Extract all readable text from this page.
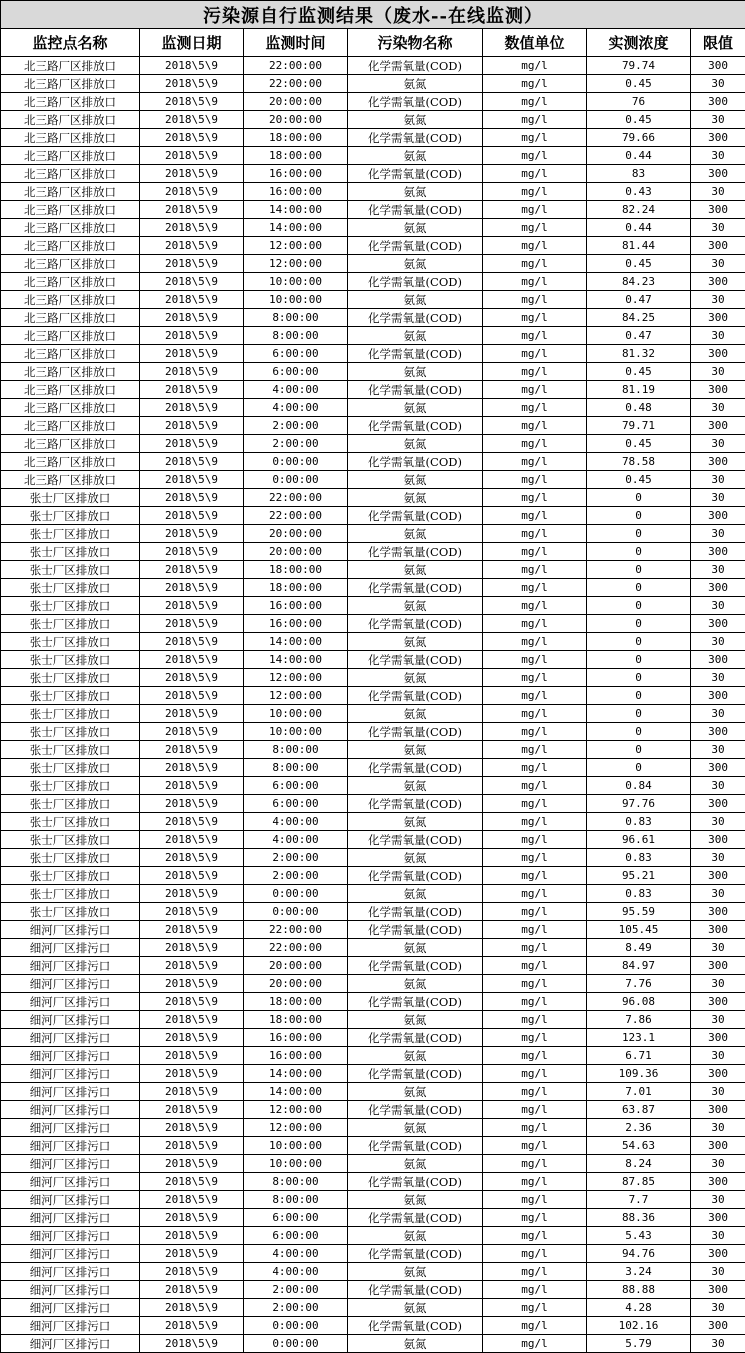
污染源自行监测结果（废水--在线监测）						
监控点名称	监测日期	监测时间	污染物名称	数值单位	实测浓度	限值
北三路厂区排放口	2018\5\9	22:00:00	化学需氧量(COD)	mg/l	79.74	300
北三路厂区排放口	2018\5\9	22:00:00	氨氮	mg/l	0.45	30
北三路厂区排放口	2018\5\9	20:00:00	化学需氧量(COD)	mg/l	76	300
北三路厂区排放口	2018\5\9	20:00:00	氨氮	mg/l	0.45	30
北三路厂区排放口	2018\5\9	18:00:00	化学需氧量(COD)	mg/l	79.66	300
北三路厂区排放口	2018\5\9	18:00:00	氨氮	mg/l	0.44	30
北三路厂区排放口	2018\5\9	16:00:00	化学需氧量(COD)	mg/l	83	300
北三路厂区排放口	2018\5\9	16:00:00	氨氮	mg/l	0.43	30
北三路厂区排放口	2018\5\9	14:00:00	化学需氧量(COD)	mg/l	82.24	300
北三路厂区排放口	2018\5\9	14:00:00	氨氮	mg/l	0.44	30
北三路厂区排放口	2018\5\9	12:00:00	化学需氧量(COD)	mg/l	81.44	300
北三路厂区排放口	2018\5\9	12:00:00	氨氮	mg/l	0.45	30
北三路厂区排放口	2018\5\9	10:00:00	化学需氧量(COD)	mg/l	84.23	300
北三路厂区排放口	2018\5\9	10:00:00	氨氮	mg/l	0.47	30
北三路厂区排放口	2018\5\9	8:00:00	化学需氧量(COD)	mg/l	84.25	300
北三路厂区排放口	2018\5\9	8:00:00	氨氮	mg/l	0.47	30
北三路厂区排放口	2018\5\9	6:00:00	化学需氧量(COD)	mg/l	81.32	300
北三路厂区排放口	2018\5\9	6:00:00	氨氮	mg/l	0.45	30
北三路厂区排放口	2018\5\9	4:00:00	化学需氧量(COD)	mg/l	81.19	300
北三路厂区排放口	2018\5\9	4:00:00	氨氮	mg/l	0.48	30
北三路厂区排放口	2018\5\9	2:00:00	化学需氧量(COD)	mg/l	79.71	300
北三路厂区排放口	2018\5\9	2:00:00	氨氮	mg/l	0.45	30
北三路厂区排放口	2018\5\9	0:00:00	化学需氧量(COD)	mg/l	78.58	300
北三路厂区排放口	2018\5\9	0:00:00	氨氮	mg/l	0.45	30
张士厂区排放口	2018\5\9	22:00:00	氨氮	mg/l	0	30
张士厂区排放口	2018\5\9	22:00:00	化学需氧量(COD)	mg/l	0	300
张士厂区排放口	2018\5\9	20:00:00	氨氮	mg/l	0	30
张士厂区排放口	2018\5\9	20:00:00	化学需氧量(COD)	mg/l	0	300
张士厂区排放口	2018\5\9	18:00:00	氨氮	mg/l	0	30
张士厂区排放口	2018\5\9	18:00:00	化学需氧量(COD)	mg/l	0	300
张士厂区排放口	2018\5\9	16:00:00	氨氮	mg/l	0	30
张士厂区排放口	2018\5\9	16:00:00	化学需氧量(COD)	mg/l	0	300
张士厂区排放口	2018\5\9	14:00:00	氨氮	mg/l	0	30
张士厂区排放口	2018\5\9	14:00:00	化学需氧量(COD)	mg/l	0	300
张士厂区排放口	2018\5\9	12:00:00	氨氮	mg/l	0	30
张士厂区排放口	2018\5\9	12:00:00	化学需氧量(COD)	mg/l	0	300
张士厂区排放口	2018\5\9	10:00:00	氨氮	mg/l	0	30
张士厂区排放口	2018\5\9	10:00:00	化学需氧量(COD)	mg/l	0	300
张士厂区排放口	2018\5\9	8:00:00	氨氮	mg/l	0	30
张士厂区排放口	2018\5\9	8:00:00	化学需氧量(COD)	mg/l	0	300
张士厂区排放口	2018\5\9	6:00:00	氨氮	mg/l	0.84	30
张士厂区排放口	2018\5\9	6:00:00	化学需氧量(COD)	mg/l	97.76	300
张士厂区排放口	2018\5\9	4:00:00	氨氮	mg/l	0.83	30
张士厂区排放口	2018\5\9	4:00:00	化学需氧量(COD)	mg/l	96.61	300
张士厂区排放口	2018\5\9	2:00:00	氨氮	mg/l	0.83	30
张士厂区排放口	2018\5\9	2:00:00	化学需氧量(COD)	mg/l	95.21	300
张士厂区排放口	2018\5\9	0:00:00	氨氮	mg/l	0.83	30
张士厂区排放口	2018\5\9	0:00:00	化学需氧量(COD)	mg/l	95.59	300
细河厂区排污口	2018\5\9	22:00:00	化学需氧量(COD)	mg/l	105.45	300
细河厂区排污口	2018\5\9	22:00:00	氨氮	mg/l	8.49	30
细河厂区排污口	2018\5\9	20:00:00	化学需氧量(COD)	mg/l	84.97	300
细河厂区排污口	2018\5\9	20:00:00	氨氮	mg/l	7.76	30
细河厂区排污口	2018\5\9	18:00:00	化学需氧量(COD)	mg/l	96.08	300
细河厂区排污口	2018\5\9	18:00:00	氨氮	mg/l	7.86	30
细河厂区排污口	2018\5\9	16:00:00	化学需氧量(COD)	mg/l	123.1	300
细河厂区排污口	2018\5\9	16:00:00	氨氮	mg/l	6.71	30
细河厂区排污口	2018\5\9	14:00:00	化学需氧量(COD)	mg/l	109.36	300
细河厂区排污口	2018\5\9	14:00:00	氨氮	mg/l	7.01	30
细河厂区排污口	2018\5\9	12:00:00	化学需氧量(COD)	mg/l	63.87	300
细河厂区排污口	2018\5\9	12:00:00	氨氮	mg/l	2.36	30
细河厂区排污口	2018\5\9	10:00:00	化学需氧量(COD)	mg/l	54.63	300
细河厂区排污口	2018\5\9	10:00:00	氨氮	mg/l	8.24	30
细河厂区排污口	2018\5\9	8:00:00	化学需氧量(COD)	mg/l	87.85	300
细河厂区排污口	2018\5\9	8:00:00	氨氮	mg/l	7.7	30
细河厂区排污口	2018\5\9	6:00:00	化学需氧量(COD)	mg/l	88.36	300
细河厂区排污口	2018\5\9	6:00:00	氨氮	mg/l	5.43	30
细河厂区排污口	2018\5\9	4:00:00	化学需氧量(COD)	mg/l	94.76	300
细河厂区排污口	2018\5\9	4:00:00	氨氮	mg/l	3.24	30
细河厂区排污口	2018\5\9	2:00:00	化学需氧量(COD)	mg/l	88.88	300
细河厂区排污口	2018\5\9	2:00:00	氨氮	mg/l	4.28	30
细河厂区排污口	2018\5\9	0:00:00	化学需氧量(COD)	mg/l	102.16	300
细河厂区排污口	2018\5\9	0:00:00	氨氮	mg/l	5.79	30
